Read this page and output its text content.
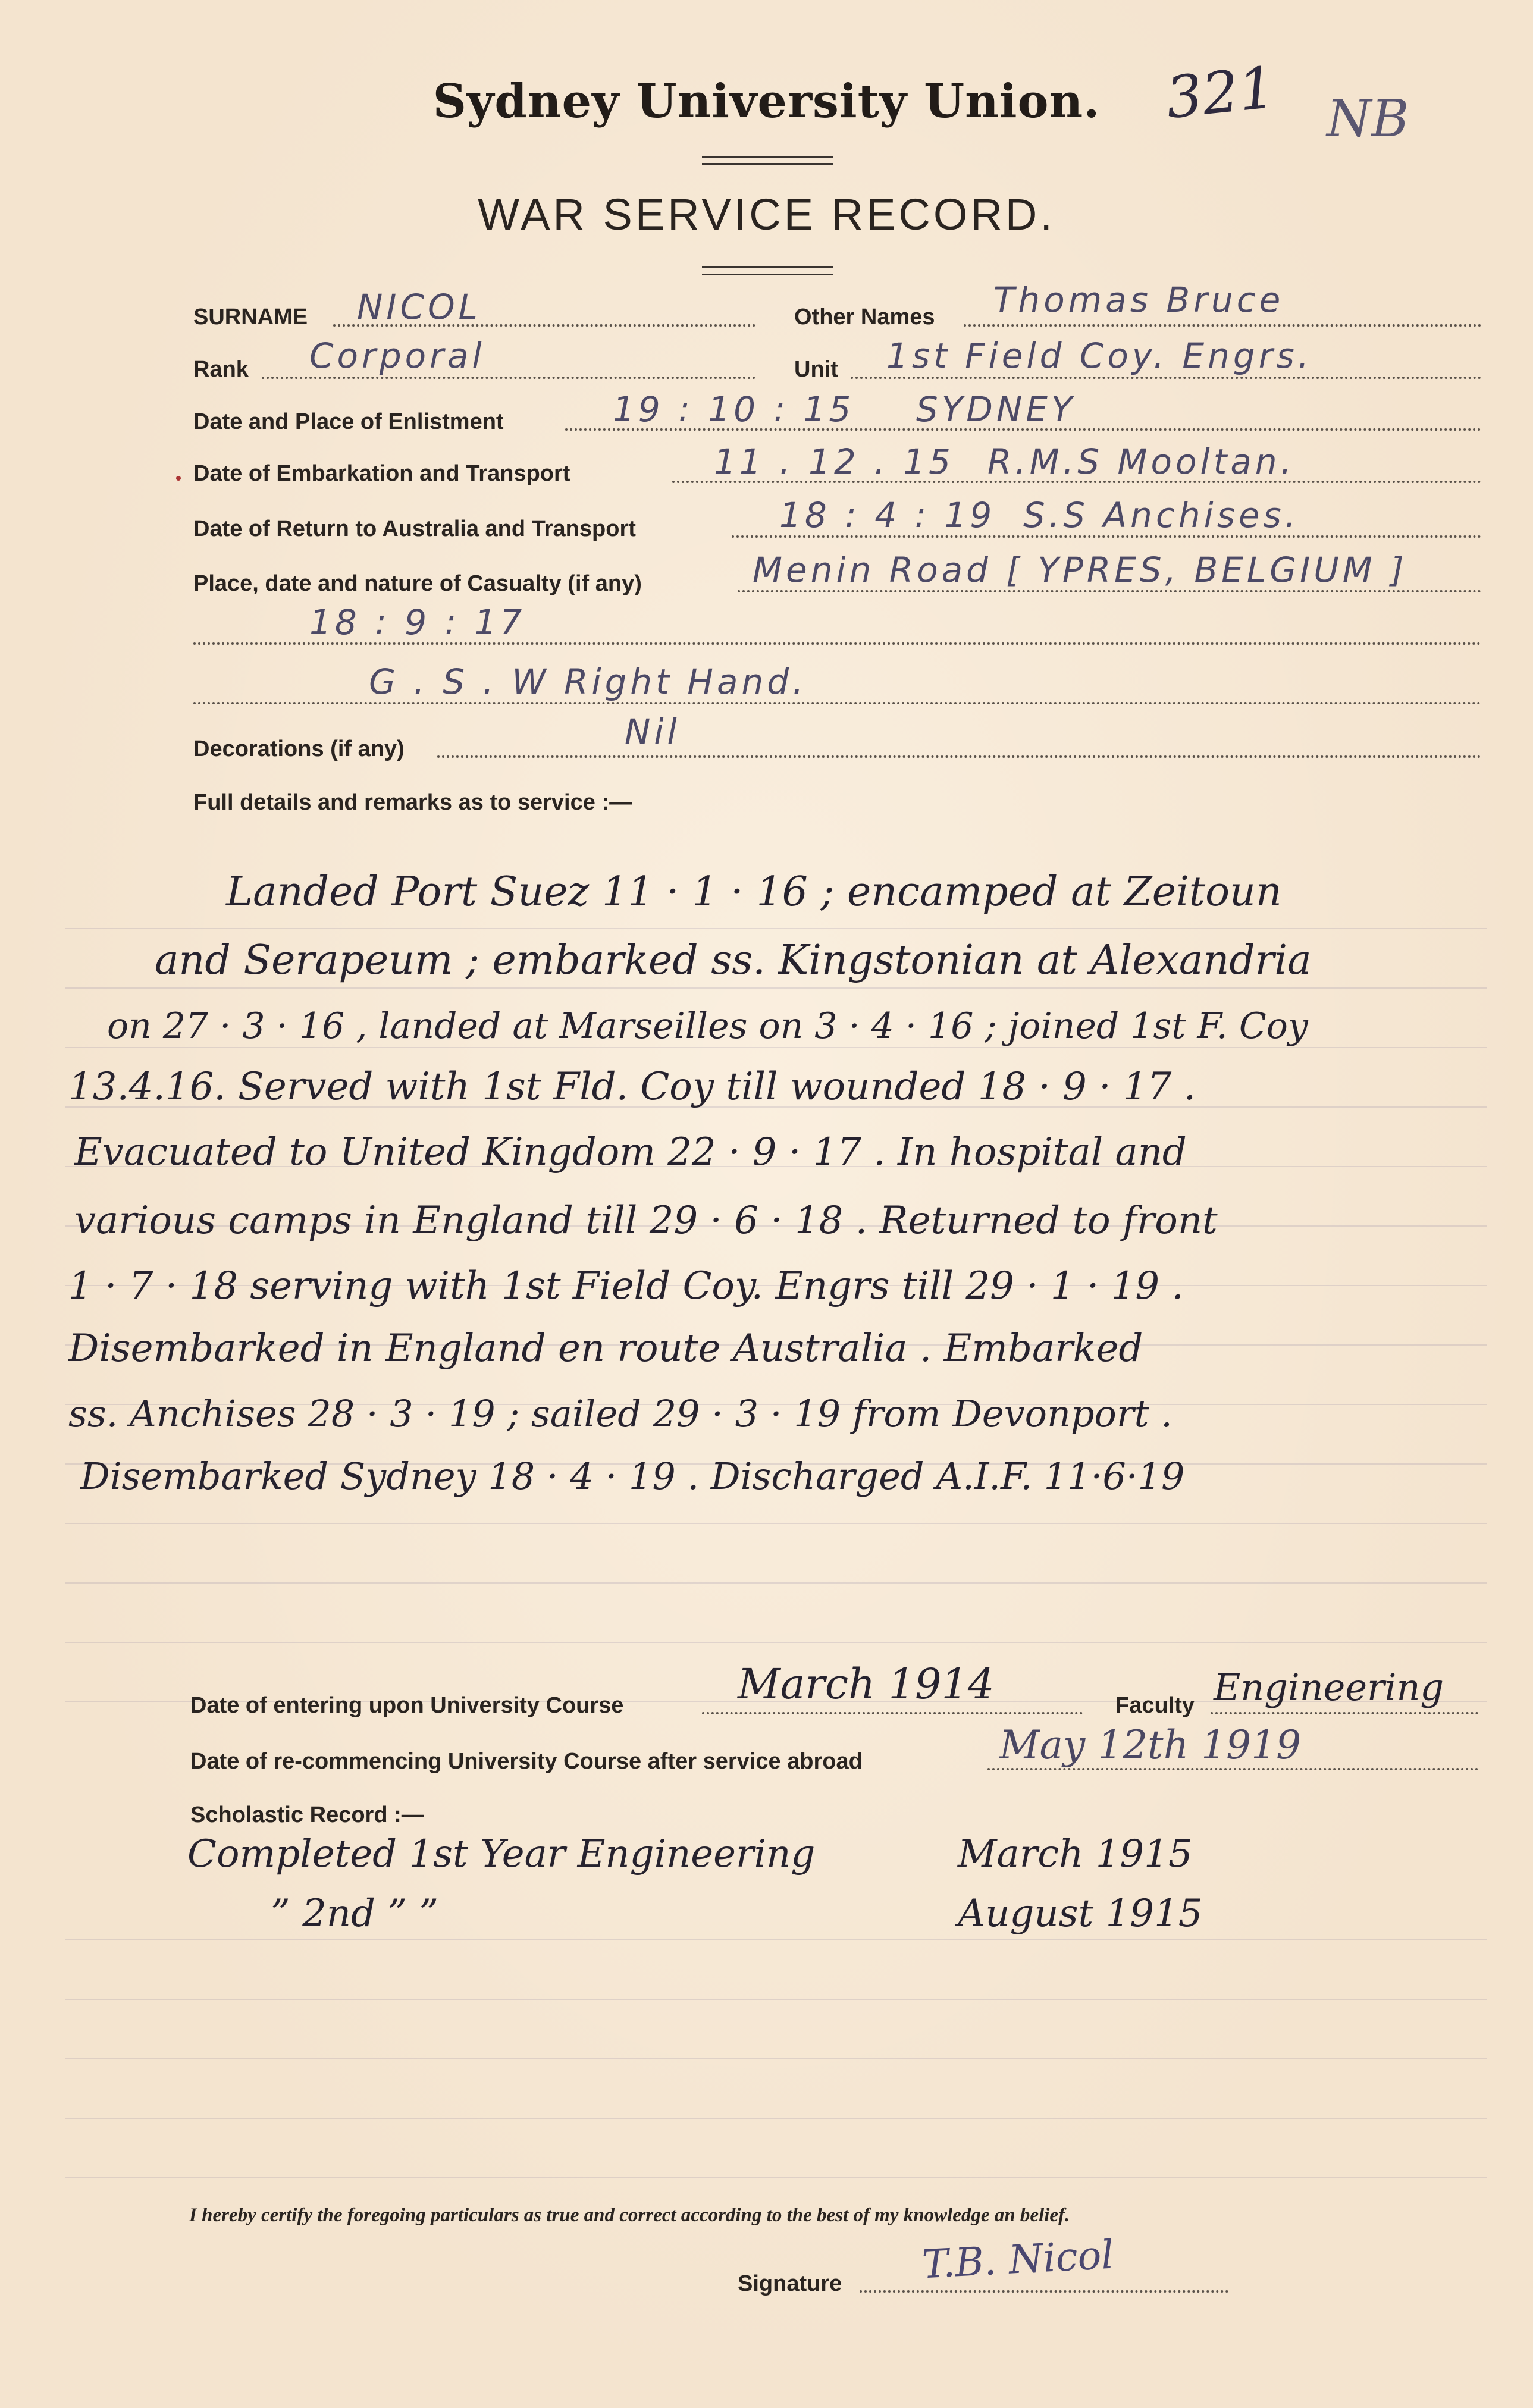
Sydney University Union.	321 NB
WAR SERVICE RECORD.
SURNAME NICOL	Other Names Thomas Bruce
Rank Corporal	Unit 1st Field Coy. Engrs.
Date and Place of Enlistment	19 : 10 : 15 SYDNEY
Date of Embarkation and Transport	11 . 12 . 15 R.M.S Mooltan.
Date of Return to Australia and Transport	18 : 4 : 19 S.S Anchises.
Place, date and nature of Casualty (if any)	Menin Road [ YPRES, BELGIUM ]
18 : 9 : 17
G . S . W Right Hand.
Decorations (if any)	Nil
Full details and remarks as to service :—
Landed Port Suez 11 · 1 · 16 ; encamped at Zeitoun
and Serapeum ; embarked ss. Kingstonian at Alexandria
on 27 · 3 · 16 , landed at Marseilles on 3 · 4 · 16 ; joined 1st F. Coy
13.4.16. Served with 1st Fld. Coy till wounded 18 · 9 · 17 .
Evacuated to United Kingdom 22 · 9 · 17 . In hospital and
various camps in England till 29 · 6 · 18 . Returned to front
1 · 7 · 18 serving with 1st Field Coy. Engrs till 29 · 1 · 19 .
Disembarked in England en route Australia . Embarked
ss. Anchises 28 · 3 · 19 ; sailed 29 · 3 · 19 from Devonport .
Disembarked Sydney 18 · 4 · 19 . Discharged A.I.F. 11·6·19
Date of entering upon University Course	March 1914	Faculty Engineering
Date of re-commencing University Course after service abroad	May 12th 1919
Scholastic Record :—
Completed 1st Year Engineering	March 1915
” 2nd ” ”	August 1915
I hereby certify the foregoing particulars as true and correct according to the best of my knowledge an belief.
Signature T.B. Nicol
